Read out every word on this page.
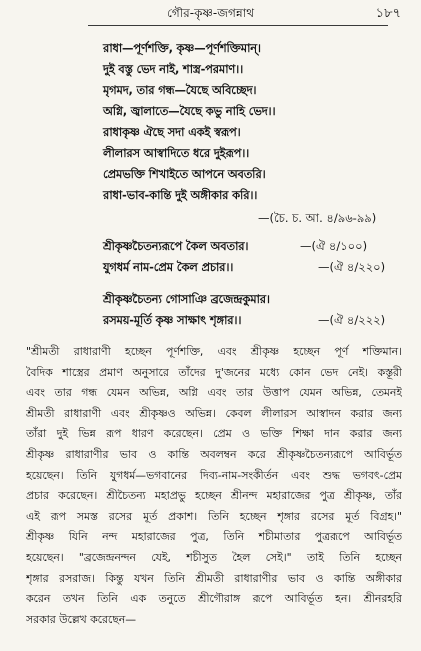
গৌর-কৃষ্ণ-জগন্নাথ	১৮৭
রাধা—পূর্ণশক্তি, কৃষ্ণ—পূর্ণশক্তিমান্।
দুই বস্তু ভেদ নাই, শাস্ত্র-পরমাণ।।
মৃগমদ, তার গন্ধ—যৈছে অবিচ্ছেদ।
অগ্নি, জ্বালাতে—যৈছে কভু নাহি ভেদ।।
রাধাকৃষ্ণ ঐছে সদা একই স্বরূপ।
লীলারস আস্বাদিতে ধরে দুইরূপ।।
প্রেমভক্তি শিখাইতে আপনে অবতরি।
রাধা-ভাব-কান্তি দুই অঙ্গীকার করি।।
—(চৈ. চ. আ. ৪/৯৬-৯৯)
শ্রীকৃষ্ণচৈতন্যরূপে কৈল অবতার।	—(ঐ ৪/১০০)
যুগধর্ম নাম-প্রেম কৈল প্রচার।।	—(ঐ ৪/২২০)
শ্রীকৃষ্ণচৈতন্য গোসাঞি ব্রজেন্দ্রকুমার।
রসময়-মূর্তি কৃষ্ণ সাক্ষাৎ শৃঙ্গার।।	—(ঐ ৪/২২২)
"শ্রীমতী রাধারাণী হচ্ছেন পূর্ণশক্তি, এবং শ্রীকৃষ্ণ হচ্ছেন পূর্ণ শক্তিমান।
বৈদিক শাস্ত্রের প্রমাণ অনুসারে তাঁদের দু'জনের মধ্যে কোন ভেদ নেই। কস্তূরী
এবং তার গন্ধ যেমন অভিন্ন, অগ্নি এবং তার উত্তাপ যেমন অভিন্ন, তেমনই
শ্রীমতী রাধারাণী এবং শ্রীকৃষ্ণও অভিন্ন। কেবল লীলারস আস্বাদন করার জন্য
তাঁরা দুই ভিন্ন রূপ ধারণ করেছেন। প্রেম ও ভক্তি শিক্ষা দান করার জন্য
শ্রীকৃষ্ণ রাধারাণীর ভাব ও কান্তি অবলম্বন করে শ্রীকৃষ্ণচৈতন্যরূপে আবির্ভূত
হয়েছেন। তিনি যুগধর্ম—ভগবানের দিব্য-নাম-সংকীর্তন এবং শুদ্ধ ভগবৎ-প্রেম
প্রচার করেছেন। শ্রীচৈতন্য মহাপ্রভু হচ্ছেন শ্রীনন্দ মহারাজের পুত্র শ্রীকৃষ্ণ, তাঁর
এই রূপ সমস্ত রসের মূর্ত প্রকাশ। তিনি হচ্ছেন শৃঙ্গার রসের মূর্ত বিগ্রহ।"
শ্রীকৃষ্ণ যিনি নন্দ মহারাজের পুত্র, তিনি শচীমাতার পুত্ররূপে আবির্ভূত
হয়েছেন। "ব্রজেন্দ্রনন্দন যেই, শচীসুত হৈল সেই।" তাই তিনি হচ্ছেন
শৃঙ্গার রসরাজ। কিন্তু যখন তিনি শ্রীমতী রাধারাণীর ভাব ও কান্তি অঙ্গীকার
করেন তখন তিনি এক তনুতে শ্রীগৌরাঙ্গ রূপে আবির্ভূত হন। শ্রীনরহরি
সরকার উল্লেখ করেছেন—
